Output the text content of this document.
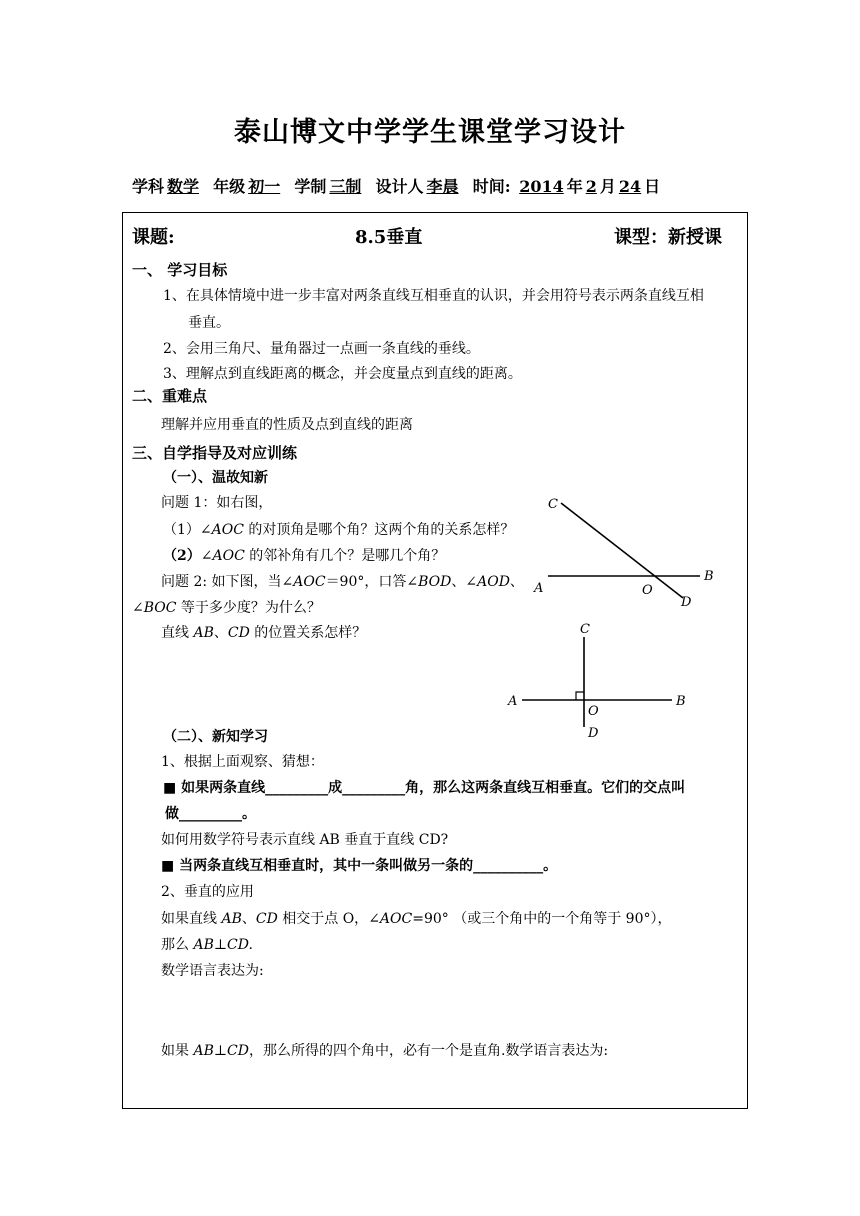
泰山博文中学学生课堂学习设计
学科 数学 年级 初一 学制 三制 设计人 李晨 时间: 2014 年 2 月 24 日
课题:	8.5垂直	课型：新授课
一、 学习目标
1、在具体情境中进一步丰富对两条直线互相垂直的认识，并会用符号表示两条直线互相
垂直。
2、会用三角尺、量角器过一点画一条直线的垂线。
3、理解点到直线距离的概念，并会度量点到直线的距离。
二、重难点
理解并应用垂直的性质及点到直线的距离
三、自学指导及对应训练
（一）、温故知新
问题 1：如右图，
（1）∠AOC 的对顶角是哪个角？这两个角的关系怎样？
（2）∠AOC 的邻补角有几个？是哪几个角？
问题 2: 如下图，当∠AOC＝90°，口答∠BOD、∠AOD、
∠BOC 等于多少度？为什么？
直线 AB、CD 的位置关系怎样？
（二）、新知学习
1、根据上面观察、猜想：
■ 如果两条直线_________成_________角，那么这两条直线互相垂直。它们的交点叫
做_________。
如何用数学符号表示直线 AB 垂直于直线 CD?
■ 当两条直线互相垂直时，其中一条叫做另一条的__________。
2、垂直的应用
如果直线 AB、CD 相交于点 O，∠AOC=90° （或三个角中的一个角等于 90°），
那么 AB⊥CD.
数学语言表达为:
如果 AB⊥CD，那么所得的四个角中，必有一个是直角.数学语言表达为:
C
A	O
B
D
C
A
O
B
D
